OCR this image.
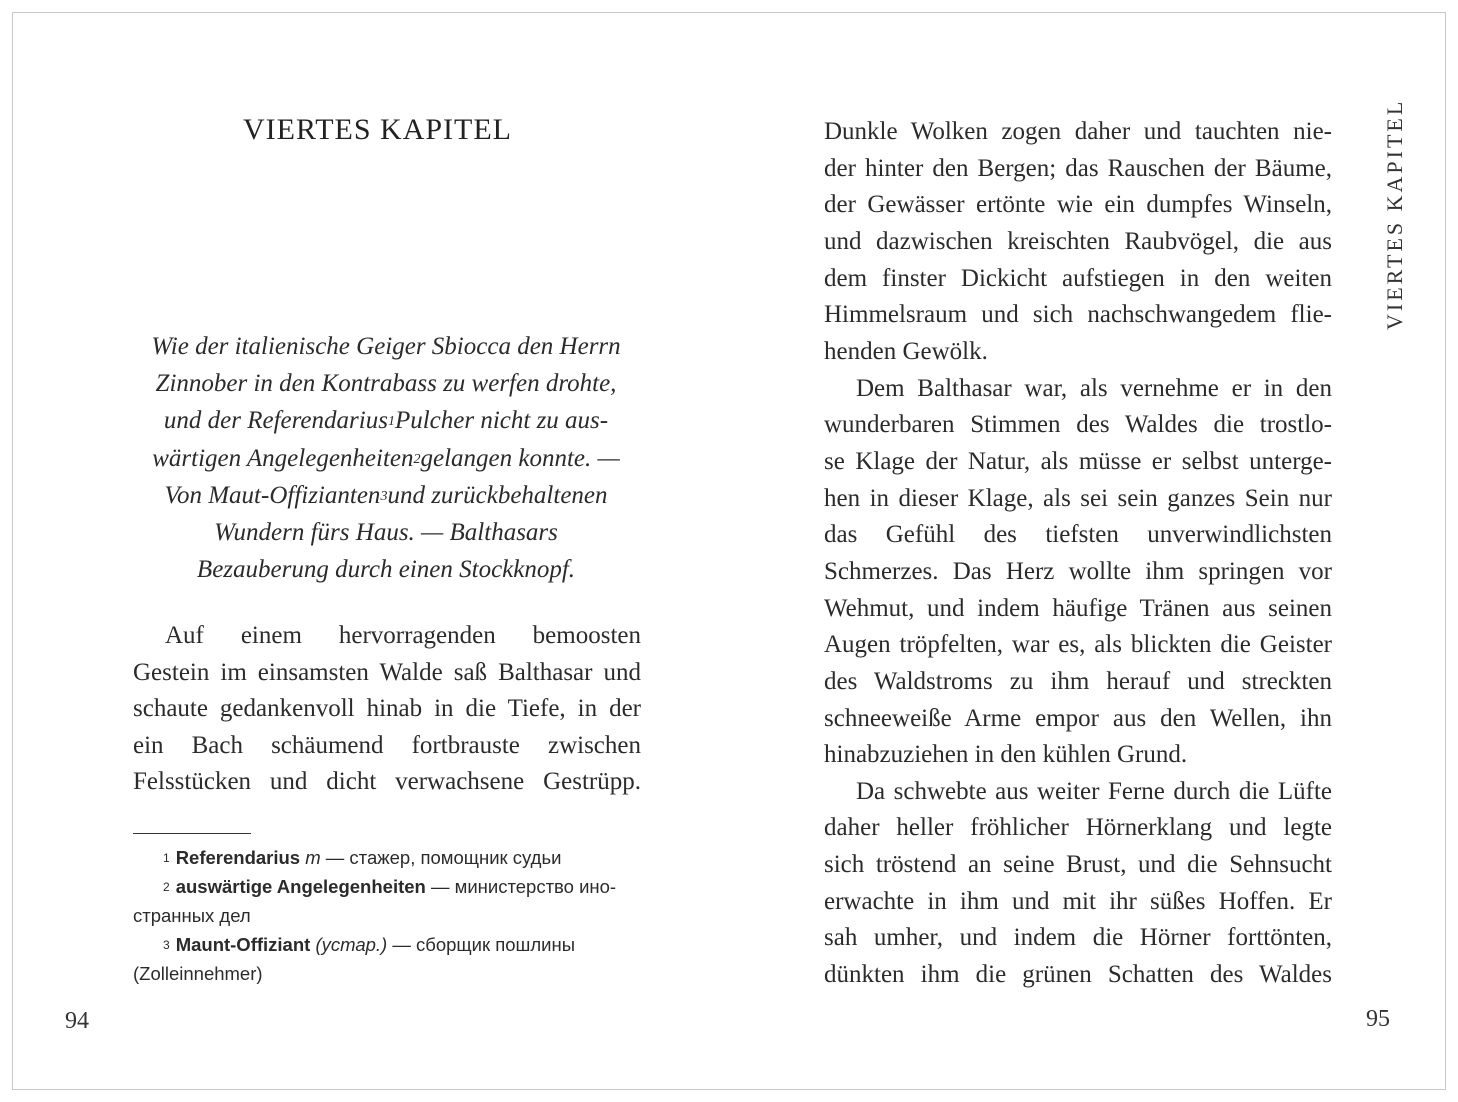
VIERTES KAPITEL
Wie der italienische Geiger Sbiocca den Herrn
Zinnober in den Kontrabass zu werfen drohte,
und der Referendarius$^1$Pulcher nicht zu aus-
wärtigen Angelegenheiten$^2$gelangen konnte. —
Von Maut-Offizianten$^3$und zurückbehaltenen
Wundern fürs Haus. — Balthasars
Bezauberung durch einen Stockknopf.
Auf einem hervorragenden bemoosten
Gestein im einsamsten Walde saß Balthasar und
schaute gedankenvoll hinab in die Tiefe, in der
ein Bach schäumend fortbrauste zwischen
Felsstücken und dicht verwachsene Gestrüpp.
$^1$ Referendarius m — стажер, помощник судьи
$^2$ auswärtige Angelegenheiten — министерство ино-
странных дел
$^3$ Maunt-Offiziant (устар.) — сборщик пошлины
(Zolleinnehmer)
94
VIERTES KAPITEL
Dunkle Wolken zogen daher und tauchten nie-
der hinter den Bergen; das Rauschen der Bäume,
der Gewässer ertönte wie ein dumpfes Winseln,
und dazwischen kreischten Raubvögel, die aus
dem finster Dickicht aufstiegen in den weiten
Himmelsraum und sich nachschwangedem flie-
henden Gewölk.
Dem Balthasar war, als vernehme er in den
wunderbaren Stimmen des Waldes die trostlo-
se Klage der Natur, als müsse er selbst unterge-
hen in dieser Klage, als sei sein ganzes Sein nur
das Gefühl des tiefsten unverwindlichsten
Schmerzes. Das Herz wollte ihm springen vor
Wehmut, und indem häufige Tränen aus seinen
Augen tröpfelten, war es, als blickten die Geister
des Waldstroms zu ihm herauf und streckten
schneeweiße Arme empor aus den Wellen, ihn
hinabzuziehen in den kühlen Grund.
Da schwebte aus weiter Ferne durch die Lüfte
daher heller fröhlicher Hörnerklang und legte
sich tröstend an seine Brust, und die Sehnsucht
erwachte in ihm und mit ihr süßes Hoffen. Er
sah umher, und indem die Hörner forttönten,
dünkten ihm die grünen Schatten des Waldes
95
